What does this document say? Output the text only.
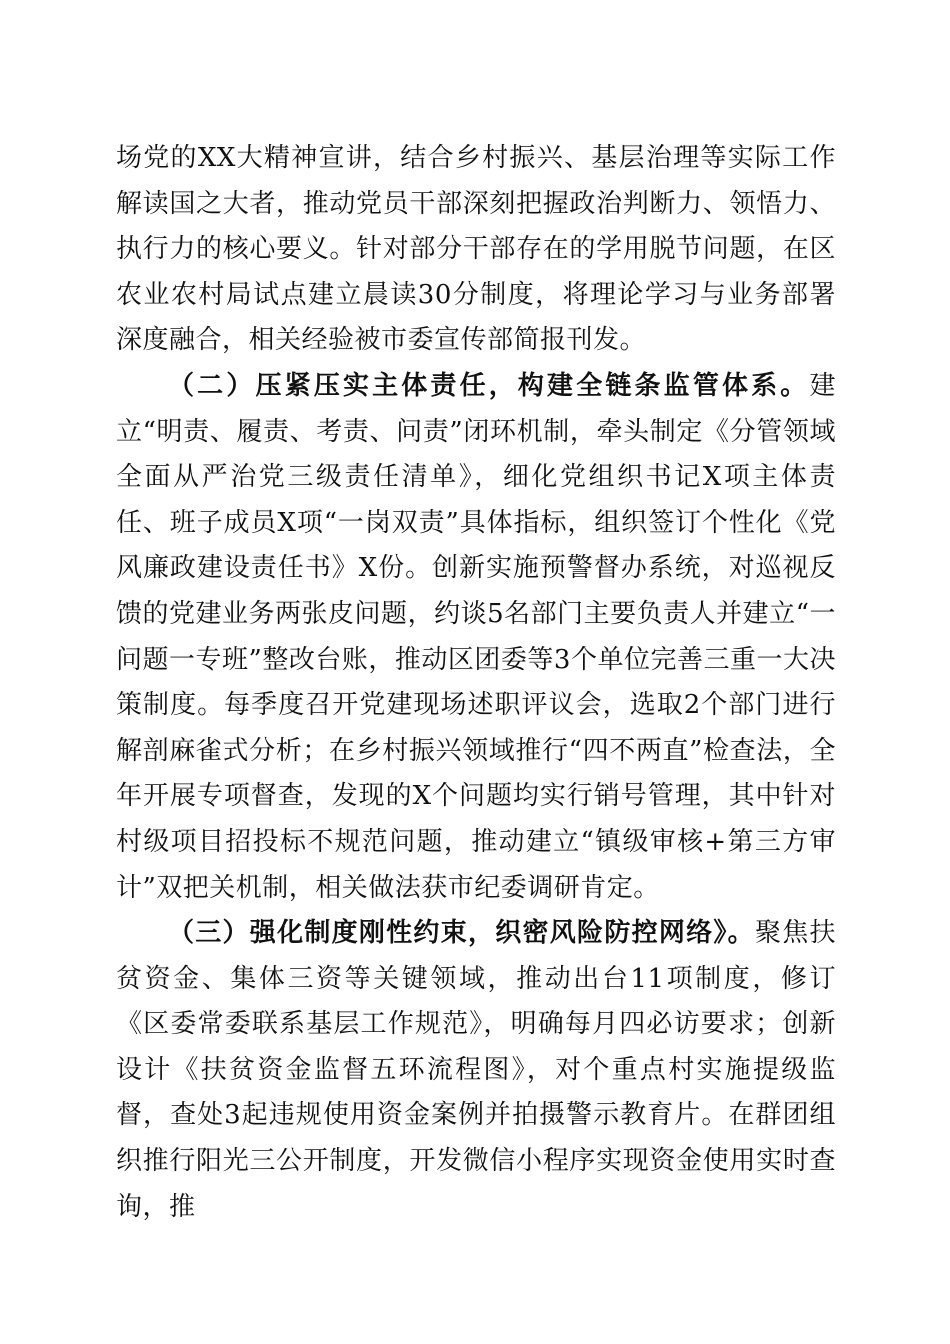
场党的XX大精神宣讲，结合乡村振兴、基层治理等实际工作解读国之大者，推动党员干部深刻把握政治判断力、领悟力、执行力的核心要义。针对部分干部存在的学用脱节问题，在区农业农村局试点建立晨读30分制度，将理论学习与业务部署深度融合，相关经验被市委宣传部简报刊发。

（二）压紧压实主体责任，构建全链条监管体系。建立“明责、履责、考责、问责”闭环机制，牵头制定《分管领域全面从严治党三级责任清单》，细化党组织书记X项主体责任、班子成员X项“一岗双责”具体指标，组织签订个性化《党风廉政建设责任书》X份。创新实施预警督办系统，对巡视反馈的党建业务两张皮问题，约谈5名部门主要负责人并建立“一问题一专班”整改台账，推动区团委等3个单位完善三重一大决策制度。每季度召开党建现场述职评议会，选取2个部门进行解剖麻雀式分析；在乡村振兴领域推行“四不两直”检查法，全年开展专项督查，发现的X个问题均实行销号管理，其中针对村级项目招投标不规范问题，推动建立“镇级审核+第三方审计”双把关机制，相关做法获市纪委调研肯定。

（三）强化制度刚性约束，织密风险防控网络》。聚焦扶贫资金、集体三资等关键领域，推动出台11项制度，修订《区委常委联系基层工作规范》，明确每月四必访要求；创新设计《扶贫资金监督五环流程图》，对个重点村实施提级监督，查处3起违规使用资金案例并拍摄警示教育片。在群团组织推行阳光三公开制度，开发微信小程序实现资金使用实时查询，推
